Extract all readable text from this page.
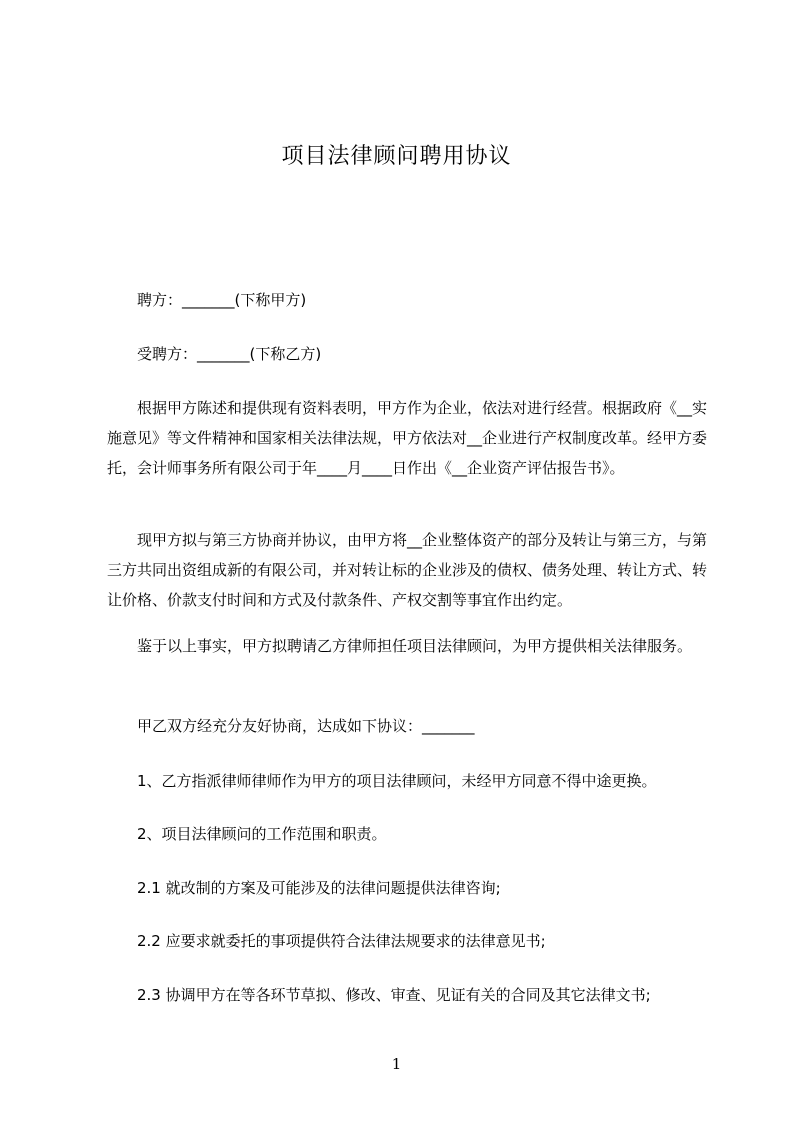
项目法律顾问聘用协议

聘方：_______(下称甲方)

受聘方：_______(下称乙方)

根据甲方陈述和提供现有资料表明，甲方作为企业，依法对进行经营。根据政府《__实施意见》等文件精神和国家相关法律法规，甲方依法对__企业进行产权制度改革。经甲方委托，会计师事务所有限公司于年____月____日作出《__企业资产评估报告书》。

现甲方拟与第三方协商并协议，由甲方将__企业整体资产的部分及转让与第三方，与第三方共同出资组成新的有限公司，并对转让标的企业涉及的债权、债务处理、转让方式、转让价格、价款支付时间和方式及付款条件、产权交割等事宜作出约定。

鉴于以上事实，甲方拟聘请乙方律师担任项目法律顾问，为甲方提供相关法律服务。

甲乙双方经充分友好协商，达成如下协议：_______

1、乙方指派律师律师作为甲方的项目法律顾问，未经甲方同意不得中途更换。

2、项目法律顾问的工作范围和职责。

2.1 就改制的方案及可能涉及的法律问题提供法律咨询;

2.2 应要求就委托的事项提供符合法律法规要求的法律意见书;

2.3 协调甲方在等各环节草拟、修改、审查、见证有关的合同及其它法律文书;

1
